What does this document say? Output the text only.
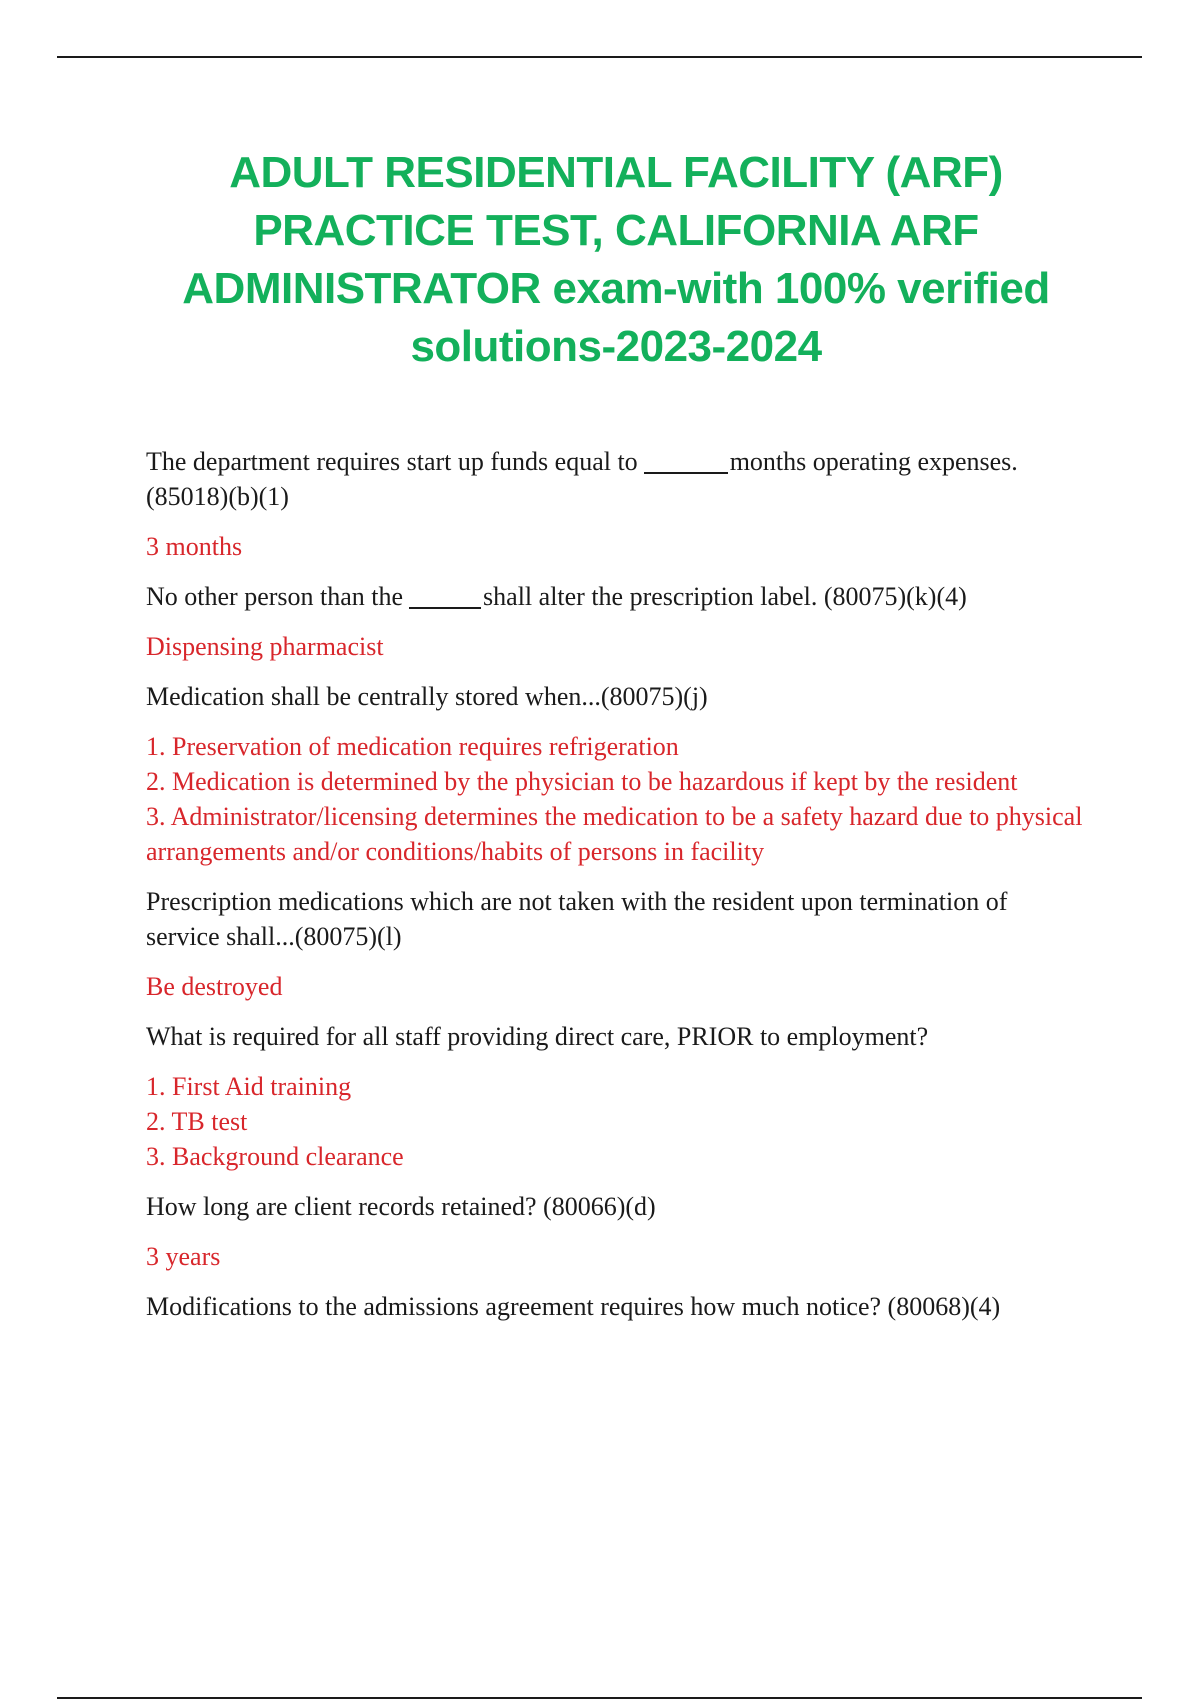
ADULT RESIDENTIAL FACILITY (ARF)
PRACTICE TEST, CALIFORNIA ARF
ADMINISTRATOR exam-with 100% verified
solutions-2023-2024

The department requires start up funds equal to	months operating expenses. (85018)(b)(1)

3 months

No other person than the	shall alter the prescription label. (80075)(k)(4)

Dispensing pharmacist

Medication shall be centrally stored when...(80075)(j)

1. Preservation of medication requires refrigeration
2. Medication is determined by the physician to be hazardous if kept by the resident
3. Administrator/licensing determines the medication to be a safety hazard due to physical arrangements and/or conditions/habits of persons in facility

Prescription medications which are not taken with the resident upon termination of service shall...(80075)(l)

Be destroyed

What is required for all staff providing direct care, PRIOR to employment?

1. First Aid training
2. TB test
3. Background clearance

How long are client records retained? (80066)(d)

3 years

Modifications to the admissions agreement requires how much notice? (80068)(4)
